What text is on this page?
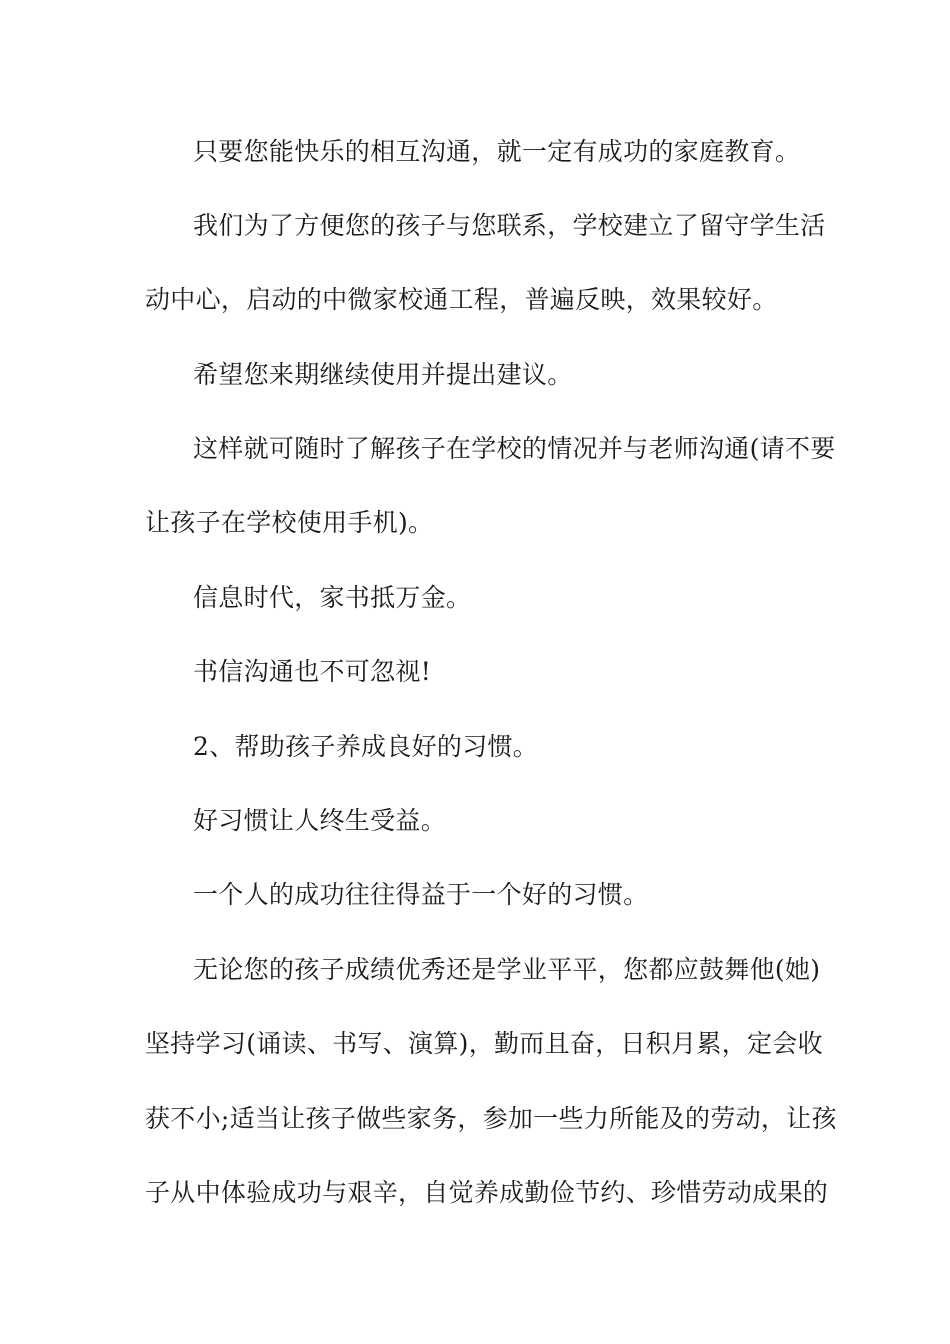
只要您能快乐的相互沟通，就一定有成功的家庭教育。
我们为了方便您的孩子与您联系，学校建立了留守学生活
动中心，启动的中微家校通工程，普遍反映，效果较好。
希望您来期继续使用并提出建议。
这样就可随时了解孩子在学校的情况并与老师沟通(请不要
让孩子在学校使用手机)。
信息时代，家书抵万金。
书信沟通也不可忽视!
2、帮助孩子养成良好的习惯。
好习惯让人终生受益。
一个人的成功往往得益于一个好的习惯。
无论您的孩子成绩优秀还是学业平平，您都应鼓舞他(她)
坚持学习(诵读、书写、演算)，勤而且奋，日积月累，定会收
获不小;适当让孩子做些家务，参加一些力所能及的劳动，让孩
子从中体验成功与艰辛，自觉养成勤俭节约、珍惜劳动成果的
